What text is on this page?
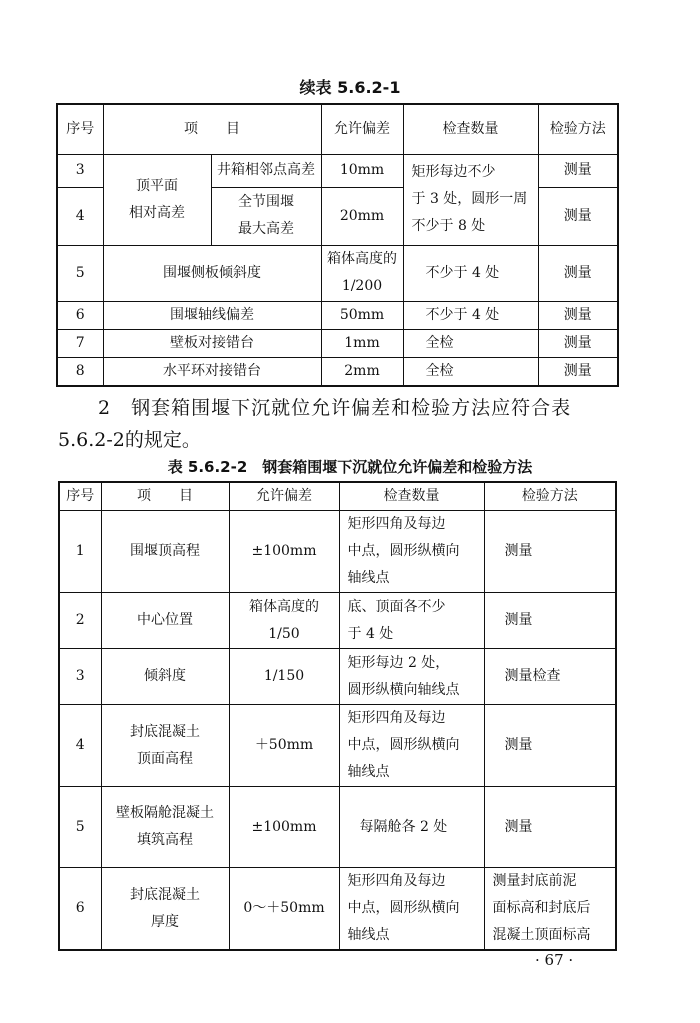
续表 5.6.2-1
序号	项　　目		允许偏差	检查数量	检验方法
3	顶平面
相对高差	井箱相邻点高差	10mm	矩形每边不少
于 3 处，圆形一周
不少于 8 处	测量
4		全节围堰
最大高差	20mm		测量
5	围堰侧板倾斜度		箱体高度的
1/200	不少于 4 处	测量
6	围堰轴线偏差		50mm	不少于 4 处	测量
7	壁板对接错台		1mm	全检	测量
8	水平环对接错台		2mm	全检	测量
2　钢套箱围堰下沉就位允许偏差和检验方法应符合表
5.6.2-2的规定。
表 5.6.2-2　钢套箱围堰下沉就位允许偏差和检验方法
序号	项　　目	允许偏差	检查数量	检验方法
1	围堰顶高程	±100mm	矩形四角及每边
中点，圆形纵横向
轴线点	测量
2	中心位置	箱体高度的
1/50	底、顶面各不少
于 4 处	测量
3	倾斜度	1/150	矩形每边 2 处，
圆形纵横向轴线点	测量检查
4	封底混凝土
顶面高程	＋50mm	矩形四角及每边
中点，圆形纵横向
轴线点	测量
5	壁板隔舱混凝土
填筑高程	±100mm	每隔舱各 2 处	测量
6	封底混凝土
厚度	0～＋50mm	矩形四角及每边
中点，圆形纵横向
轴线点	测量封底前泥
面标高和封底后
混凝土顶面标高
· 67 ·
